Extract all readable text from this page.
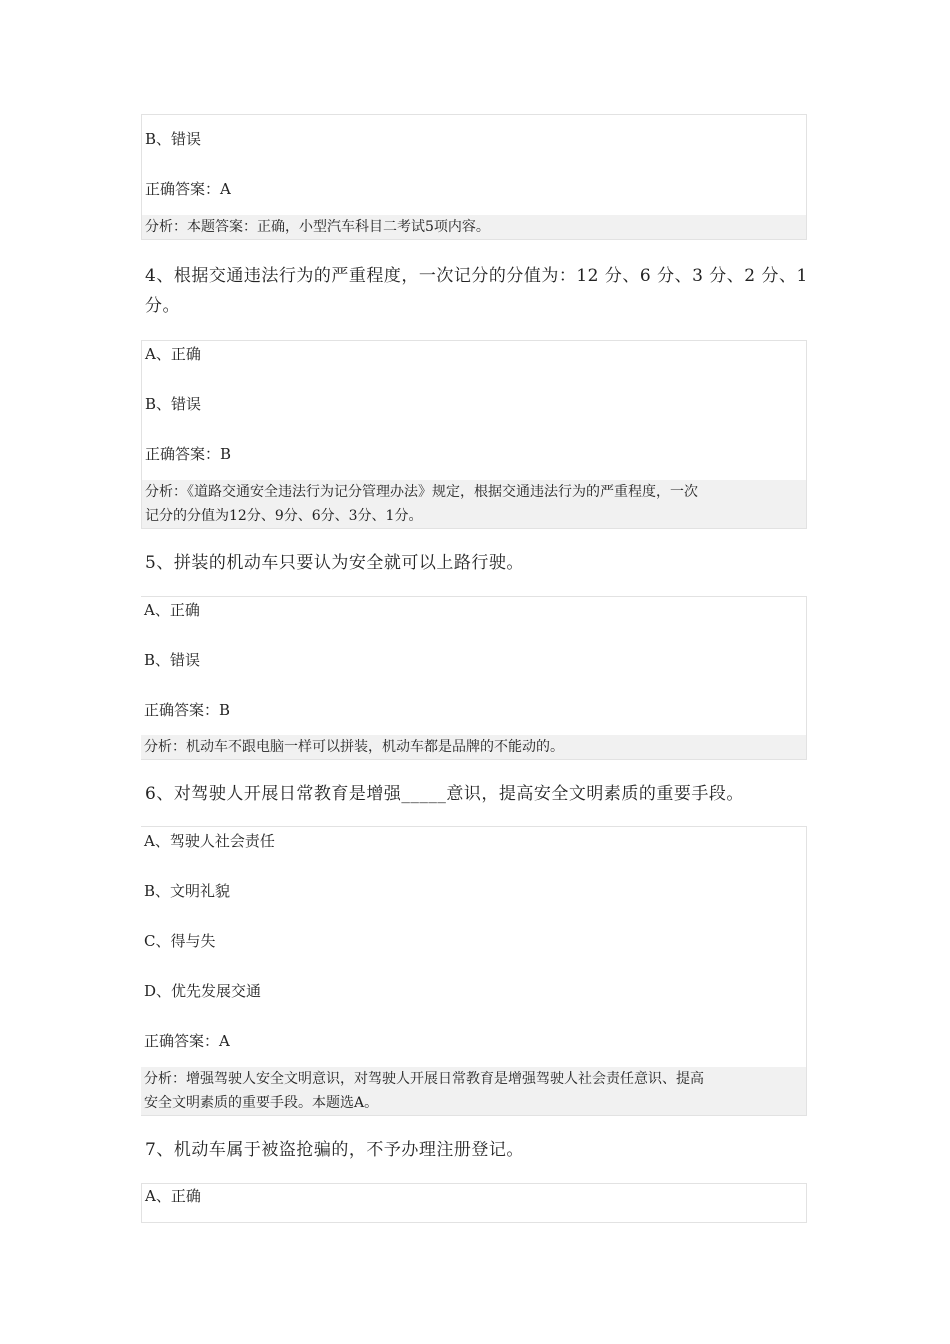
B、错误
正确答案：A
分析：本题答案：正确，小型汽车科目二考试5项内容。
4、根据交通违法行为的严重程度，一次记分的分值为：12 分、6 分、3 分、2 分、1 分。
A、正确
B、错误
正确答案：B
分析：《道路交通安全违法行为记分管理办法》规定，根据交通违法行为的严重程度，一次
记分的分值为12分、9分、6分、3分、1分。
5、拼装的机动车只要认为安全就可以上路行驶。
A、正确
B、错误
正确答案：B
分析：机动车不跟电脑一样可以拼装，机动车都是品牌的不能动的。
6、对驾驶人开展日常教育是增强_____意识，提高安全文明素质的重要手段。
A、驾驶人社会责任
B、文明礼貌
C、得与失
D、优先发展交通
正确答案：A
分析：增强驾驶人安全文明意识，对驾驶人开展日常教育是增强驾驶人社会责任意识、提高
安全文明素质的重要手段。本题选A。
7、机动车属于被盗抢骗的，不予办理注册登记。
A、正确
